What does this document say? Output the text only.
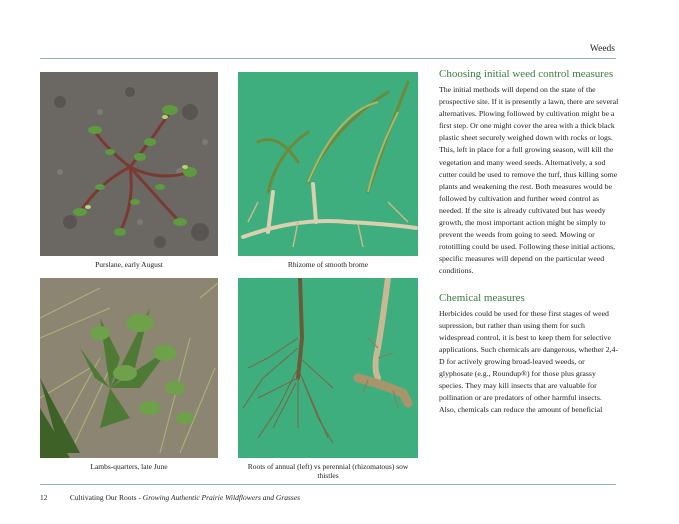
Weeds
Purslane, early August	Rhizome of smooth brome
Lambs-quarters, late June	Roots of annual (left) vs perennial (rhizomatous) sow thistles
Choosing initial weed control measures

The initial methods will depend on the state of the prospective site. If it is presently a lawn, there are several alternatives. Plowing followed by cultivation might be a first step. Or one might cover the area with a thick black plastic sheet securely weighed down with rocks or logs. This, left in place for a full growing season, will kill the vegetation and many weed seeds. Alternatively, a sod cutter could be used to remove the turf, thus killing some plants and weakening the rest. Both measures would be followed by cultivation and further weed control as needed. If the site is already cultivated but has weedy growth, the most important action might be simply to prevent the weeds from going to seed. Mowing or rototilling could be used. Following these initial actions, specific measures will depend on the particular weed conditions.

Chemical measures

Herbicides could be used for these first stages of weed supression, but rather than using them for such widespread control, it is best to keep them for selective applications. Such chemicals are dangerous, whether 2,4-D for actively growing broad-leaved weeds, or glyphosate (e.g., Roundup®) for those plus grassy species. They may kill insects that are valuable for pollination or are predators of other harmful insects. Also, chemicals can reduce the amount of beneficial

12	Cultivating Our Roots - Growing Authentic Prairie Wildflowers and Grasses
